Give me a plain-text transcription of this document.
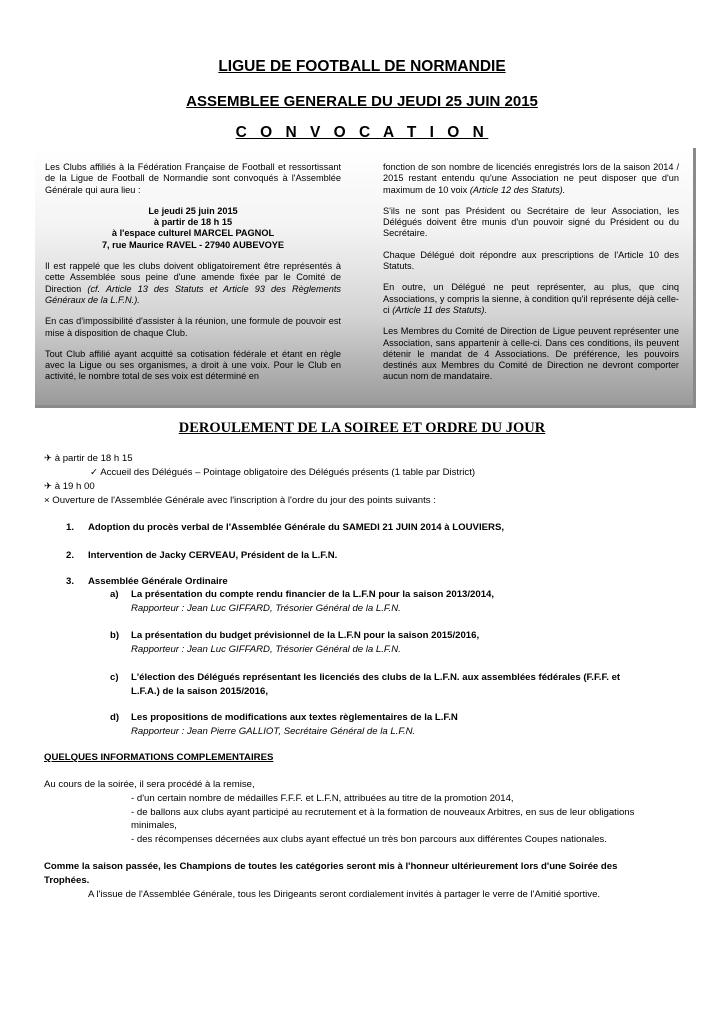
LIGUE DE FOOTBALL DE NORMANDIE
ASSEMBLEE GENERALE DU JEUDI 25 JUIN 2015
C O N V O C A T I O N

Les Clubs affiliés à la Fédération Française de Football et ressortissant de la Ligue de Football de Normandie sont convoqués à l'Assemblée Générale qui aura lieu :

Le jeudi 25 juin 2015
à partir de 18 h 15
à l'espace culturel MARCEL PAGNOL

7, rue Maurice RAVEL - 27940 AUBEVOYE

Il est rappelé que les clubs doivent obligatoirement être représentés à cette Assemblée sous peine d'une amende fixée par le Comité de Direction (cf. Article 13 des Statuts et Article 93 des Règlements Généraux de la L.F.N.).

En cas d'impossibilité d'assister à la réunion, une formule de pouvoir est mise à disposition de chaque Club.

Tout Club affilié ayant acquitté sa cotisation fédérale et étant en règle avec la Ligue ou ses organismes, a droit à une voix. Pour le Club en activité, le nombre total de ses voix est déterminé en

fonction de son nombre de licenciés enregistrés lors de la saison 2014 / 2015 restant entendu qu'une Association ne peut disposer que d'un maximum de 10 voix (Article 12 des Statuts).

S'ils ne sont pas Président ou Secrétaire de leur Association, les Délégués doivent être munis d'un pouvoir signé du Président ou du Secrétaire.

Chaque Délégué doit répondre aux prescriptions de l'Article 10 des Statuts.

En outre, un Délégué ne peut représenter, au plus, que cinq Associations, y compris la sienne, à condition qu'il représente déjà celle-ci (Article 11 des Statuts).

Les Membres du Comité de Direction de Ligue peuvent représenter une Association, sans appartenir à celle-ci. Dans ces conditions, ils peuvent détenir le mandat de 4 Associations. De préférence, les pouvoirs destinés aux Membres du Comité de Direction ne devront comporter aucun nom de mandataire.

DEROULEMENT DE LA SOIREE ET ORDRE DU JOUR
✈ à partir de 18 h 15
✓ Accueil des Délégués – Pointage obligatoire des Délégués présents (1 table par District)
✈ à 19 h 00
× Ouverture de l'Assemblée Générale avec l'inscription à l'ordre du jour des points suivants :
1. Adoption du procès verbal de l'Assemblée Générale du SAMEDI 21 JUIN 2014 à LOUVIERS,
2. Intervention de Jacky CERVEAU, Président de la L.F.N.
3. Assemblée Générale Ordinaire
a) La présentation du compte rendu financier de la L.F.N pour la saison 2013/2014,
Rapporteur : Jean Luc GIFFARD, Trésorier Général de la L.F.N.
b) La présentation du budget prévisionnel de la L.F.N pour la saison 2015/2016,
Rapporteur : Jean Luc GIFFARD, Trésorier Général de la L.F.N.
c) L'élection des Délégués représentant les licenciés des clubs de la L.F.N. aux assemblées fédérales (F.F.F. et
L.F.A.) de la saison 2015/2016,
d) Les propositions de modifications aux textes règlementaires de la L.F.N
Rapporteur : Jean Pierre GALLIOT, Secrétaire Général de la L.F.N.
QUELQUES INFORMATIONS COMPLEMENTAIRES
Au cours de la soirée, il sera procédé à la remise,
- d'un certain nombre de médailles F.F.F. et L.F.N, attribuées au titre de la promotion 2014,
- de ballons aux clubs ayant participé au recrutement et à la formation de nouveaux Arbitres, en sus de leur obligations
minimales,
- des récompenses décernées aux clubs ayant effectué un très bon parcours aux différentes Coupes nationales.
Comme la saison passée, les Champions de toutes les catégories seront mis à l'honneur ultérieurement lors d'une Soirée des
Trophées.
A l'issue de l'Assemblée Générale, tous les Dirigeants seront cordialement invités à partager le verre de l'Amitié sportive.
